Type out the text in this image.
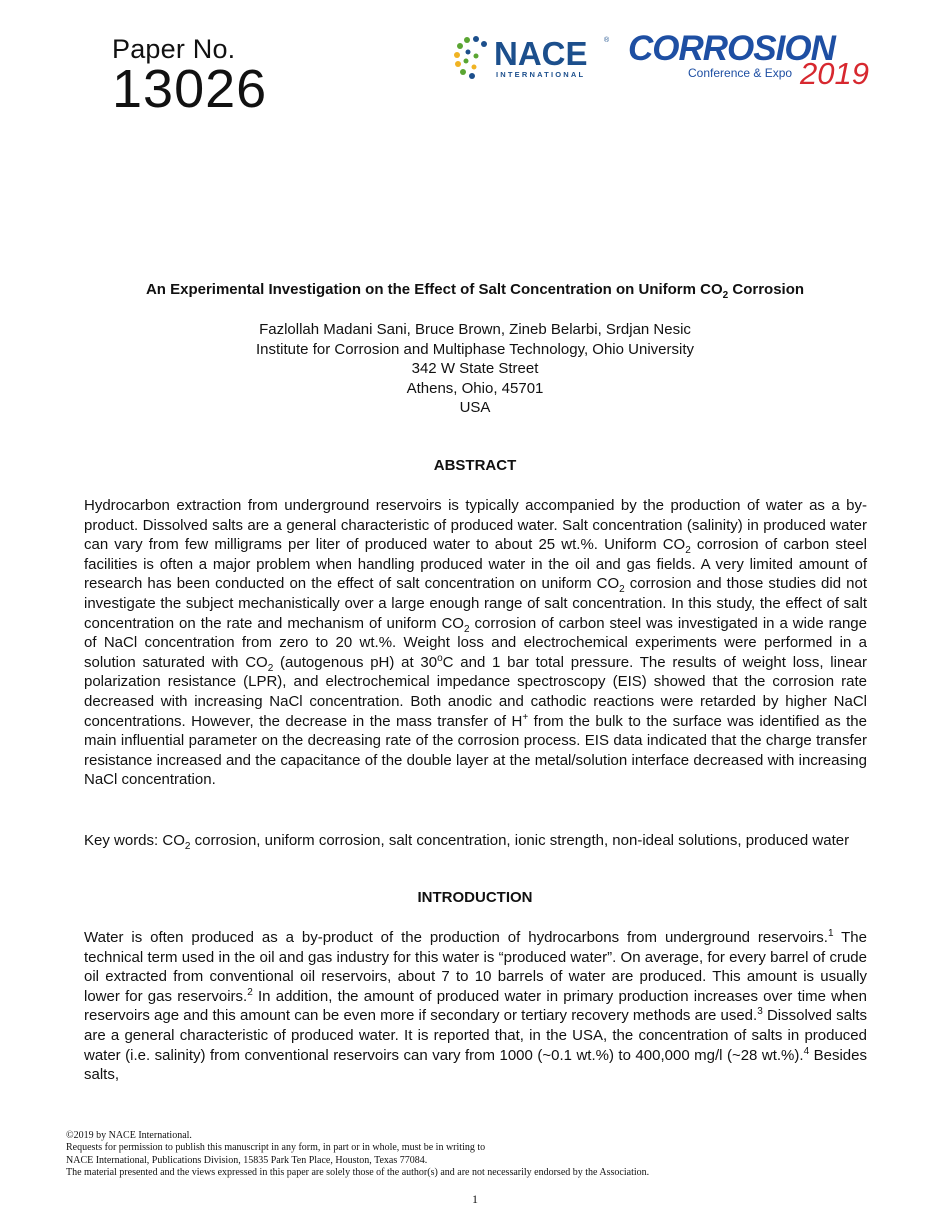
Paper No.
13026
NACE ®
INTERNATIONAL
CORROSION
Conference & Expo 2019
An Experimental Investigation on the Effect of Salt Concentration on Uniform $CO_2$ Corrosion
Fazlollah Madani Sani, Bruce Brown, Zineb Belarbi, Srdjan Nesic
Institute for Corrosion and Multiphase Technology, Ohio University
342 W State Street
Athens, Ohio, 45701
USA
ABSTRACT

Hydrocarbon extraction from underground reservoirs is typically accompanied by the production of water as a by-product. Dissolved salts are a general characteristic of produced water. Salt concentration (salinity) in produced water can vary from few milligrams per liter of produced water to about 25 wt.%. Uniform $CO_2$ corrosion of carbon steel facilities is often a major problem when handling produced water in the oil and gas fields. A very limited amount of research has been conducted on the effect of salt concentration on uniform $CO_2$ corrosion and those studies did not investigate the subject mechanistically over a large enough range of salt concentration. In this study, the effect of salt concentration on the rate and mechanism of uniform $CO_2$ corrosion of carbon steel was investigated in a wide range of NaCl concentration from zero to 20 wt.%. Weight loss and electrochemical experiments were performed in a solution saturated with $CO_2$ (autogenous pH) at 30$^o$C and 1 bar total pressure. The results of weight loss, linear polarization resistance (LPR), and electrochemical impedance spectroscopy (EIS) showed that the corrosion rate decreased with increasing NaCl concentration. Both anodic and cathodic reactions were retarded by higher NaCl concentrations. However, the decrease in the mass transfer of H+ from the bulk to the surface was identified as the main influential parameter on the decreasing rate of the corrosion process. EIS data indicated that the charge transfer resistance increased and the capacitance of the double layer at the metal/solution interface decreased with increasing NaCl concentration.

Key words: $CO_2$ corrosion, uniform corrosion, salt concentration, ionic strength, non-ideal solutions, produced water

INTRODUCTION

Water is often produced as a by-product of the production of hydrocarbons from underground reservoirs.$^1$ The technical term used in the oil and gas industry for this water is “produced water”. On average, for every barrel of crude oil extracted from conventional oil reservoirs, about 7 to 10 barrels of water are produced. This amount is usually lower for gas reservoirs.$^2$ In addition, the amount of produced water in primary production increases over time when reservoirs age and this amount can be even more if secondary or tertiary recovery methods are used.$^3$ Dissolved salts are a general characteristic of produced water. It is reported that, in the USA, the concentration of salts in produced water (i.e. salinity) from conventional reservoirs can vary from 1000 (~0.1 wt.%) to 400,000 mg/l (~28 wt.%).$^4$ Besides salts,

©2019 by NACE International.
Requests for permission to publish this manuscript in any form, in part or in whole, must be in writing to
NACE International, Publications Division, 15835 Park Ten Place, Houston, Texas 77084.
The material presented and the views expressed in this paper are solely those of the author(s) and are not necessarily endorsed by the Association.
1
